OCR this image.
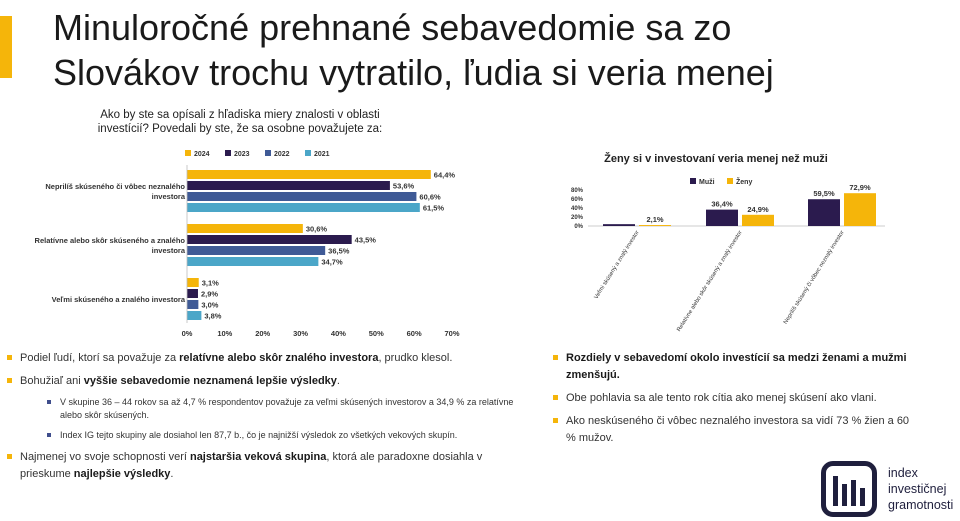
Minuloročné prehnané sebavedomie sa zo
Slovákov trochu vytratilo, ľudia si veria menej
Ako by ste sa opísali z hľadiska miery znalosti v oblasti
investícií? Povedali by ste, že sa osobne považujete za:
2024	2023	2022	2021
Neprilíš skúseného či vôbec neznalého
investora
Relatívne alebo skôr skúseného a znalého
investora
Veľmi skúseného a znalého investora
64,4%
30,6%
3,1%
53,6%
43,5%
2,9%
60,6%
36,5%
3,0%
61,5%
34,7%
3,8%
0%	10%	20%	30%	40%	50%	60%	70%
Ženy si v investovaní veria menej než muži
Muži	Ženy
0%
20%
40%
60%
80%
36,4%
59,5%
2,1%
24,9%
72,9%
Veľmi skúsený a znalý investor	Relatívne alebo skôr skúsený a znalý investor	Neprilíš skúsený či vôbec neznalý investor
Podiel ľudí, ktorí sa považuje za relatívne alebo skôr znalého investora, prudko klesol.
Bohužiaľ ani vyššie sebavedomie neznamená lepšie výsledky.
V skupine 36 – 44 rokov sa až 4,7 % respondentov považuje za veľmi skúsených investorov a 34,9 % za relatívne alebo skôr skúsených.
Index IG tejto skupiny ale dosiahol len 87,7 b., čo je najnižší výsledok zo všetkých vekových skupín.
Najmenej vo svoje schopnosti verí najstaršia veková skupina, ktorá ale paradoxne dosiahla v prieskume najlepšie výsledky.
Rozdiely v sebavedomí okolo investícií sa medzi ženami a mužmi zmenšujú.
Obe pohlavia sa ale tento rok cítia ako menej skúsení ako vlani.
Ako neskúseného či vôbec neznalého investora sa vidí 73 % žien a 60 % mužov.
index
investičnej
gramotnosti
